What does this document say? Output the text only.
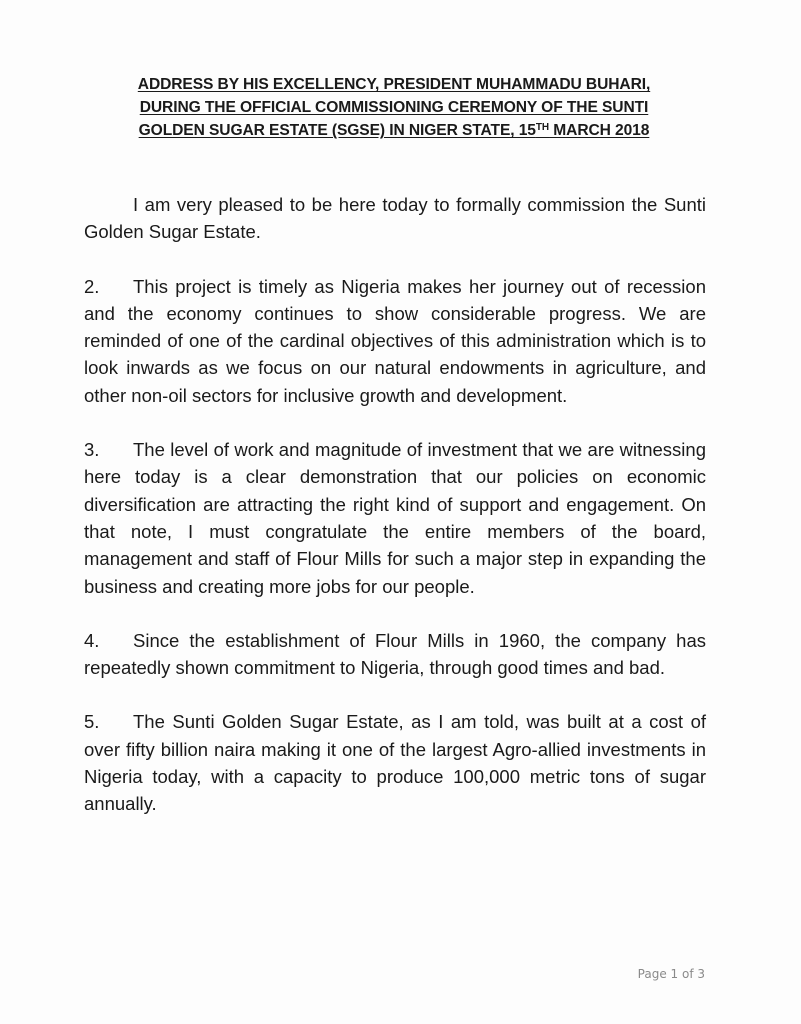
ADDRESS BY HIS EXCELLENCY, PRESIDENT MUHAMMADU BUHARI,
DURING THE OFFICIAL COMMISSIONING CEREMONY OF THE SUNTI
GOLDEN SUGAR ESTATE (SGSE) IN NIGER STATE, 15TH MARCH 2018

I am very pleased to be here today to formally commission the Sunti Golden Sugar Estate.

2. This project is timely as Nigeria makes her journey out of recession and the economy continues to show considerable progress. We are reminded of one of the cardinal objectives of this administration which is to look inwards as we focus on our natural endowments in agriculture, and other non-oil sectors for inclusive growth and development.

3. The level of work and magnitude of investment that we are witnessing here today is a clear demonstration that our policies on economic diversification are attracting the right kind of support and engagement. On that note, I must congratulate the entire members of the board, management and staff of Flour Mills for such a major step in expanding the business and creating more jobs for our people.

4. Since the establishment of Flour Mills in 1960, the company has repeatedly shown commitment to Nigeria, through good times and bad.

5. The Sunti Golden Sugar Estate, as I am told, was built at a cost of over fifty billion naira making it one of the largest Agro-allied investments in Nigeria today, with a capacity to produce 100,000 metric tons of sugar annually.

Page 1 of 3
